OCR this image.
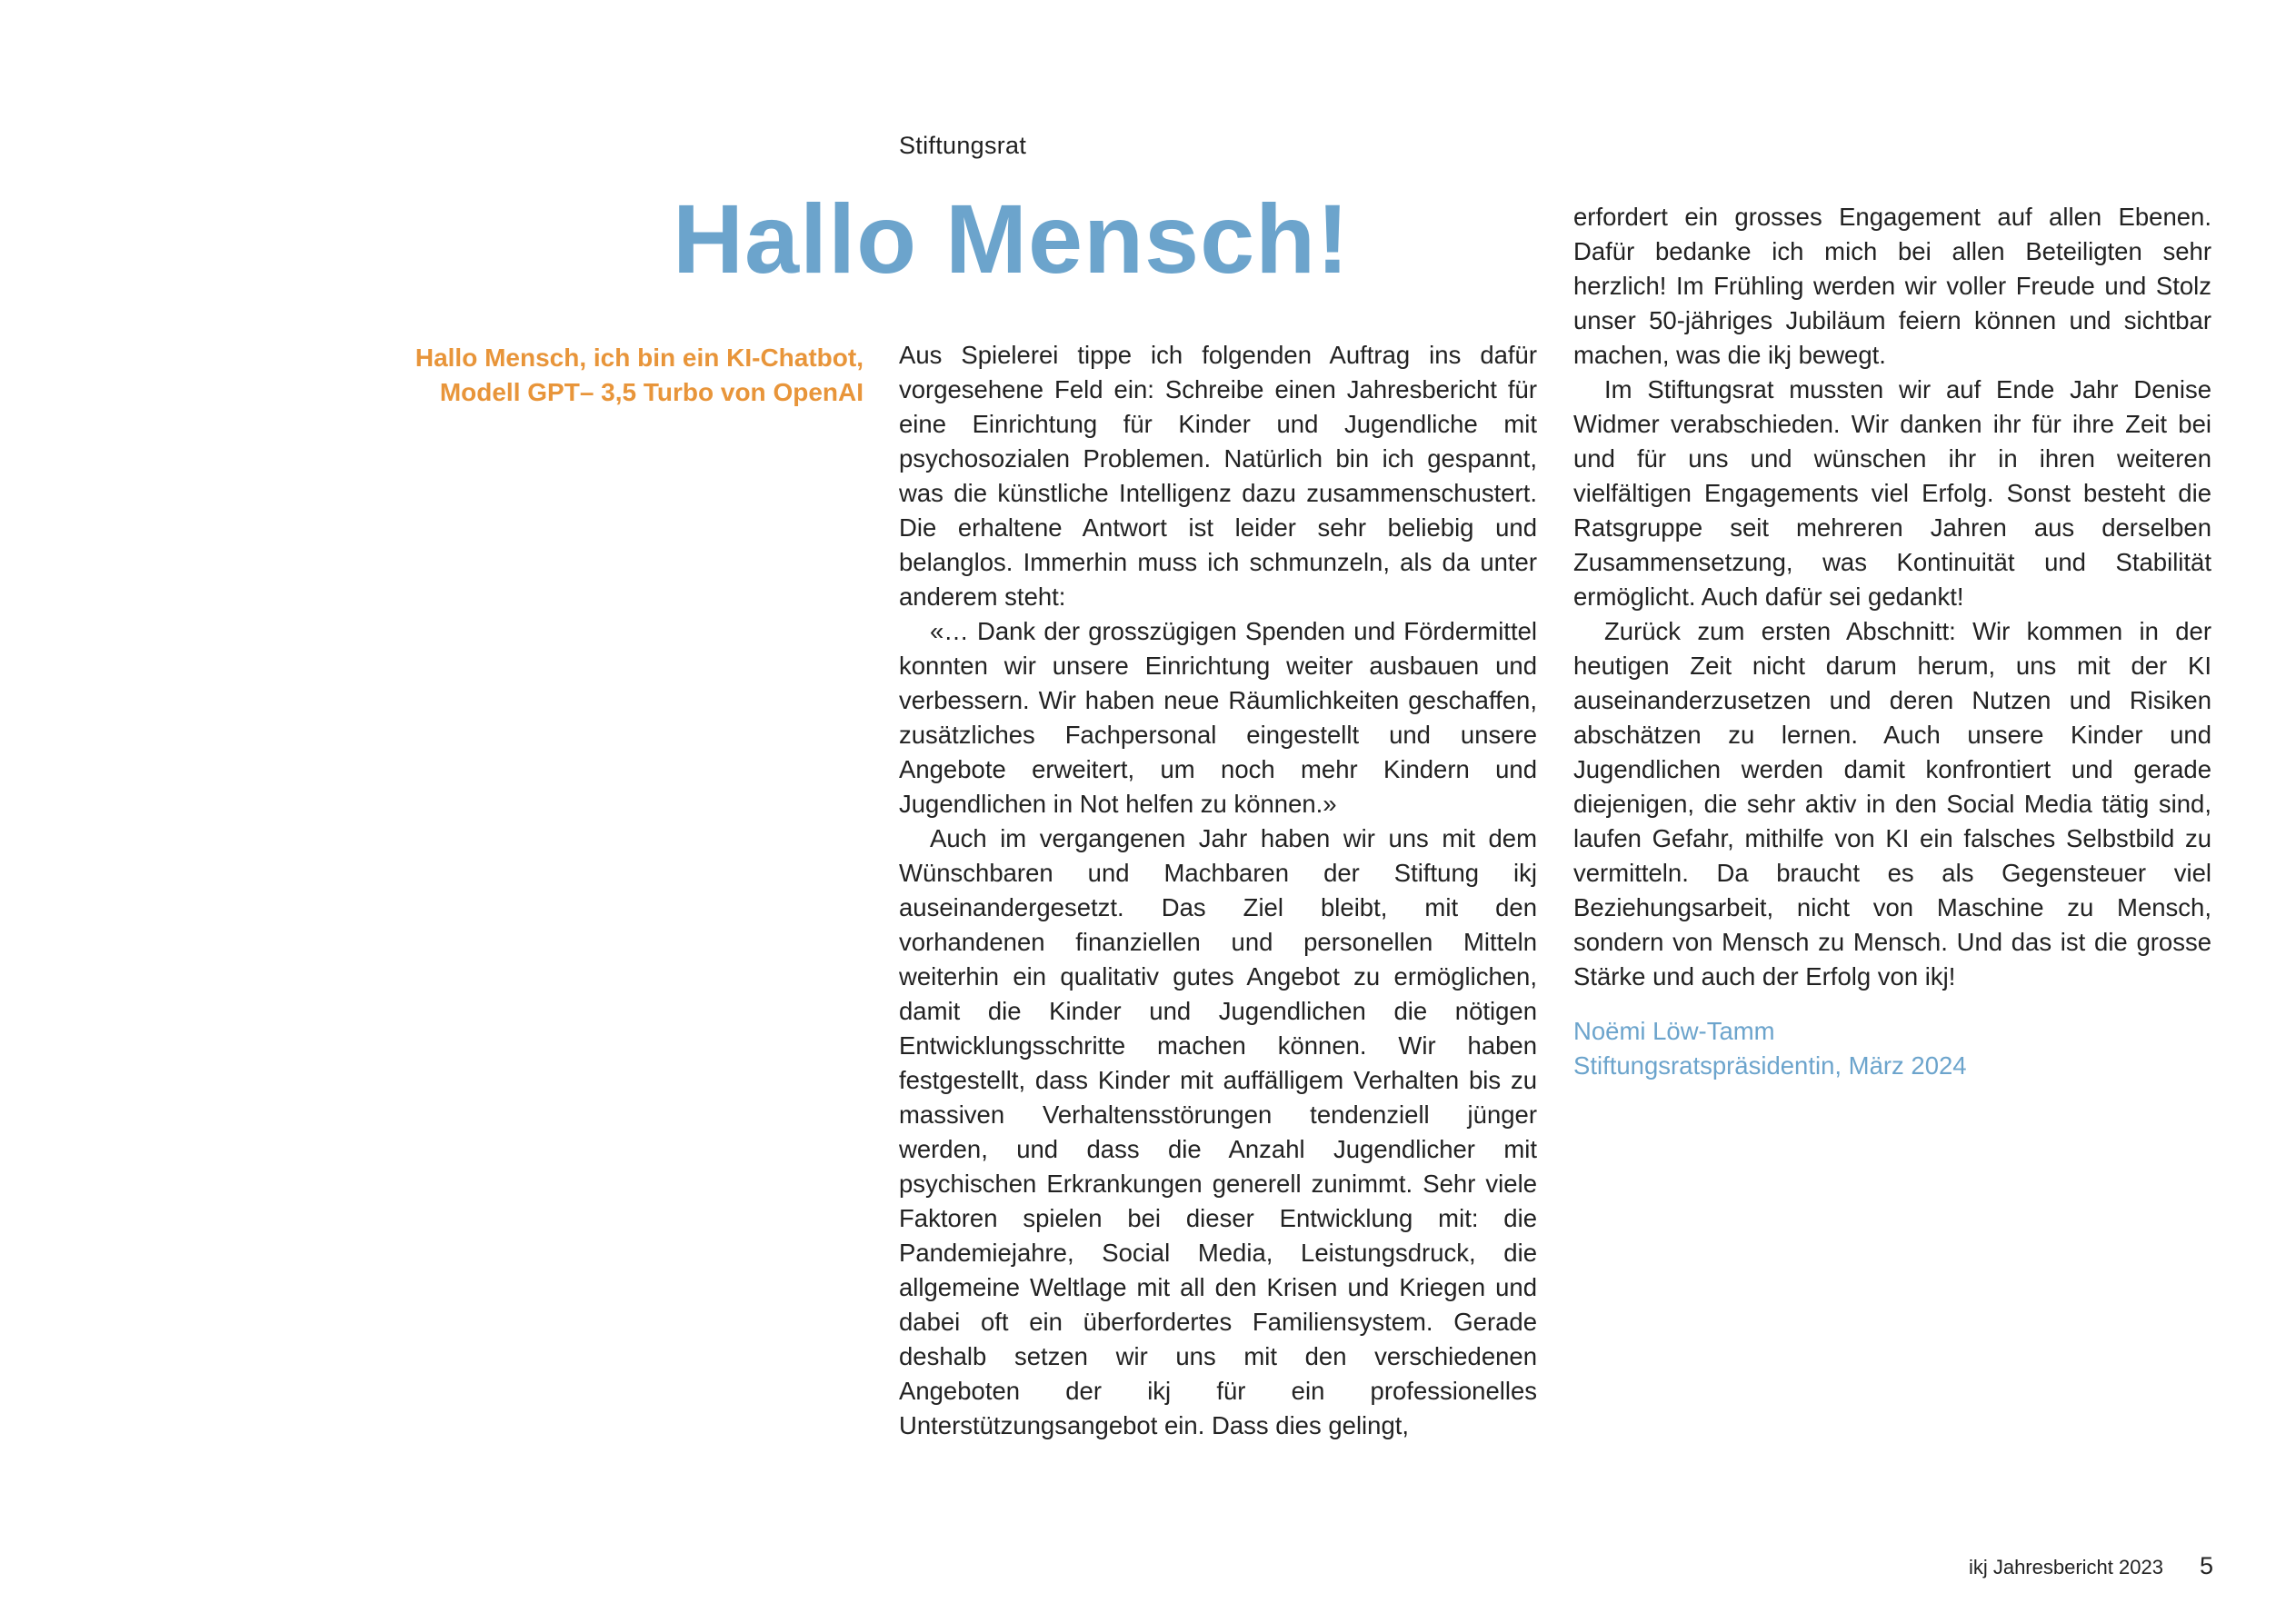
Stiftungsrat
Hallo Mensch!
Hallo Mensch, ich bin ein KI-Chatbot,
Modell GPT– 3,5 Turbo von OpenAI

Aus Spielerei tippe ich folgenden Auftrag ins dafür vorgesehene Feld ein: Schreibe einen Jahresbericht für eine Einrichtung für Kinder und Jugendliche mit psychosozialen Problemen. Natürlich bin ich gespannt, was die künstliche Intelligenz dazu zusammenschustert. Die erhaltene Antwort ist leider sehr beliebig und belanglos. Immerhin muss ich schmunzeln, als da unter anderem steht:

«… Dank der grosszügigen Spenden und Fördermittel konnten wir unsere Einrichtung weiter ausbauen und verbessern. Wir haben neue Räumlichkeiten geschaffen, zusätzliches Fachpersonal eingestellt und unsere Angebote erweitert, um noch mehr Kindern und Jugendlichen in Not helfen zu können.»

Auch im vergangenen Jahr haben wir uns mit dem Wünschbaren und Machbaren der Stiftung ikj auseinandergesetzt. Das Ziel bleibt, mit den vorhandenen finanziellen und personellen Mitteln weiterhin ein qualitativ gutes Angebot zu ermöglichen, damit die Kinder und Jugendlichen die nötigen Entwicklungsschritte machen können. Wir haben festgestellt, dass Kinder mit auffälligem Verhalten bis zu massiven Verhaltensstörungen tendenziell jünger werden, und dass die Anzahl Jugendlicher mit psychischen Erkrankungen generell zunimmt. Sehr viele Faktoren spielen bei dieser Entwicklung mit: die Pandemiejahre, Social Media, Leistungsdruck, die allgemeine Weltlage mit all den Krisen und Kriegen und dabei oft ein überfordertes Familiensystem. Gerade deshalb setzen wir uns mit den verschiedenen Angeboten der ikj für ein professionelles Unterstützungsangebot ein. Dass dies gelingt,

erfordert ein grosses Engagement auf allen Ebenen. Dafür bedanke ich mich bei allen Beteiligten sehr herzlich! Im Frühling werden wir voller Freude und Stolz unser 50-jähriges Jubiläum feiern können und sichtbar machen, was die ikj bewegt.

Im Stiftungsrat mussten wir auf Ende Jahr Denise Widmer verabschieden. Wir danken ihr für ihre Zeit bei und für uns und wünschen ihr in ihren weiteren vielfältigen Engagements viel Erfolg. Sonst besteht die Ratsgruppe seit mehreren Jahren aus derselben Zusammensetzung, was Kontinuität und Stabilität ermöglicht. Auch dafür sei gedankt!

Zurück zum ersten Abschnitt: Wir kommen in der heutigen Zeit nicht darum herum, uns mit der KI auseinanderzusetzen und deren Nutzen und Risiken abschätzen zu lernen. Auch unsere Kinder und Jugendlichen werden damit konfrontiert und gerade diejenigen, die sehr aktiv in den Social Media tätig sind, laufen Gefahr, mithilfe von KI ein falsches Selbstbild zu vermitteln. Da braucht es als Gegensteuer viel Beziehungsarbeit, nicht von Maschine zu Mensch, sondern von Mensch zu Mensch. Und das ist die grosse Stärke und auch der Erfolg von ikj!

Noëmi Löw-Tamm
Stiftungsratspräsidentin, März 2024
ikj Jahresbericht 2023 5
